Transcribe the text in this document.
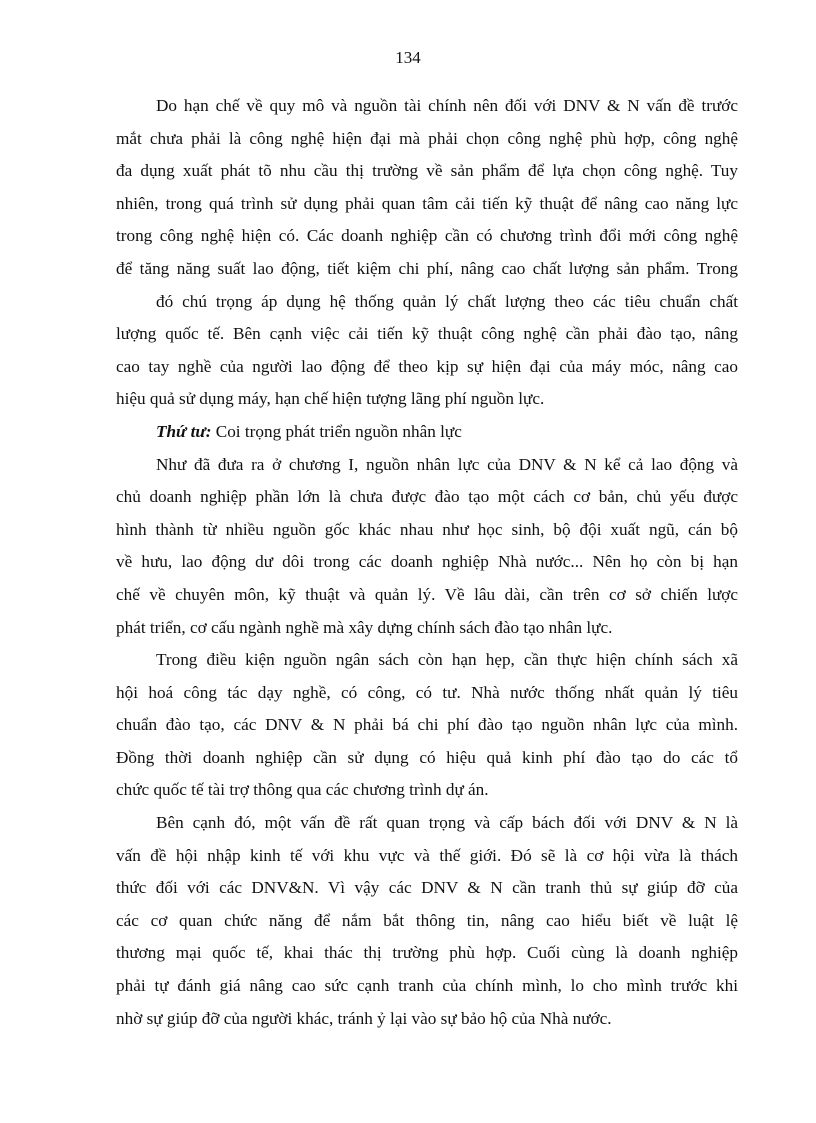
134
Do hạn chế về quy mô và nguồn tài chính nên đối với DNV & N vấn đề trước
mắt chưa phải là công nghệ hiện đại mà phải chọn công nghệ phù hợp, công nghệ
đa dụng xuất phát tõ nhu cầu thị trường về sản phẩm để lựa chọn công nghệ. Tuy
nhiên, trong quá trình sử dụng phải quan tâm cải tiến kỹ thuật để nâng cao năng lực
trong công nghệ hiện có. Các doanh nghiệp cần có chương trình đổi mới công nghệ
để tăng năng suất lao động, tiết kiệm chi phí, nâng cao chất lượng sản phẩm. Trong
đó chú trọng áp dụng hệ thống quản lý chất lượng theo các tiêu chuẩn chất
lượng quốc tế. Bên cạnh việc cải tiến kỹ thuật công nghệ cần phải đào tạo, nâng
cao tay nghề của người lao động để theo kịp sự hiện đại của máy móc, nâng cao
hiệu quả sử dụng máy, hạn chế hiện tượng lãng phí nguồn lực.
Thứ tư: Coi trọng phát triển nguồn nhân lực
Như đã đưa ra ở chương I, nguồn nhân lực của DNV & N kể cả lao động và
chủ doanh nghiệp phần lớn là chưa được đào tạo một cách cơ bản, chủ yếu được
hình thành từ nhiều nguồn gốc khác nhau như học sinh, bộ đội xuất ngũ, cán bộ
về hưu, lao động dư dôi trong các doanh nghiệp Nhà nước... Nên họ còn bị hạn
chế về chuyên môn, kỹ thuật và quản lý. Về lâu dài, cần trên cơ sở chiến lược
phát triển, cơ cấu ngành nghề mà xây dựng chính sách đào tạo nhân lực.
Trong điều kiện nguồn ngân sách còn hạn hẹp, cần thực hiện chính sách xã
hội hoá công tác dạy nghề, có công, có tư. Nhà nước thống nhất quản lý tiêu
chuẩn đào tạo, các DNV & N phải bá chi phí đào tạo nguồn nhân lực của mình.
Đồng thời doanh nghiệp cần sử dụng có hiệu quả kinh phí đào tạo do các tổ
chức quốc tế tài trợ thông qua các chương trình dự án.
Bên cạnh đó, một vấn đề rất quan trọng và cấp bách đối với DNV & N là
vấn đề hội nhập kinh tế với khu vực và thế giới. Đó sẽ là cơ hội vừa là thách
thức đối với các DNV&N. Vì vậy các DNV & N cần tranh thủ sự giúp đỡ của
các cơ quan chức năng để nắm bắt thông tin, nâng cao hiểu biết về luật lệ
thương mại quốc tế, khai thác thị trường phù hợp. Cuối cùng là doanh nghiệp
phải tự đánh giá nâng cao sức cạnh tranh của chính mình, lo cho mình trước khi
nhờ sự giúp đỡ của người khác, tránh ỷ lại vào sự bảo hộ của Nhà nước.
